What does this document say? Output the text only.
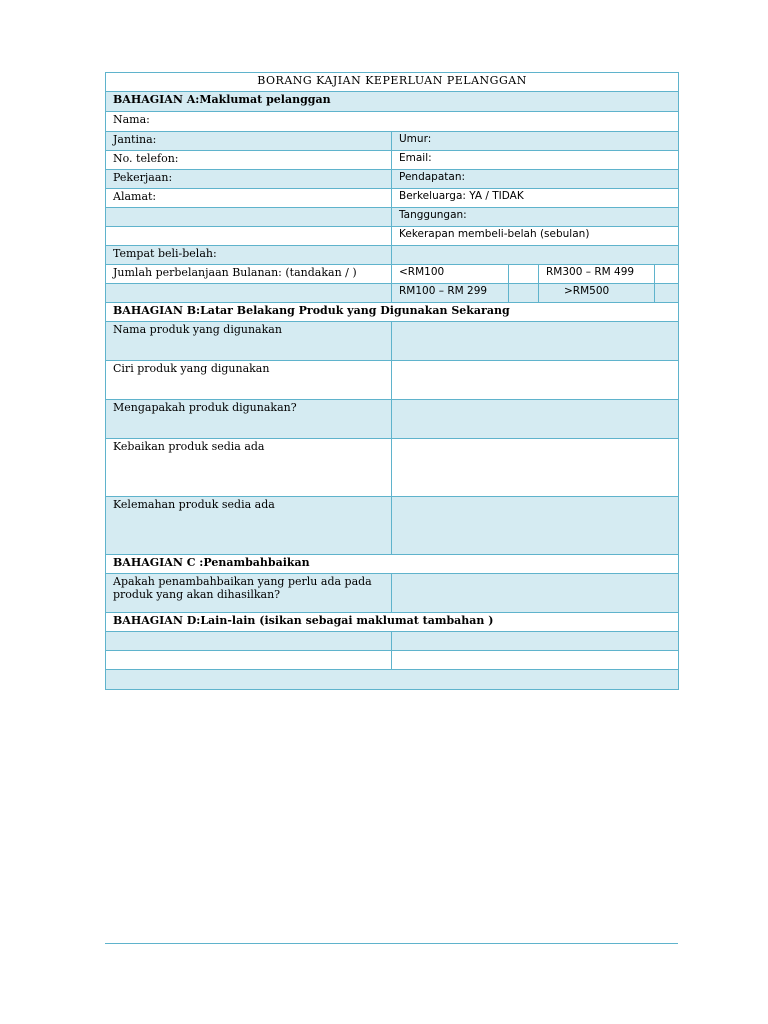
BORANG KAJIAN KEPERLUAN PELANGGAN				
BAHAGIAN A:Maklumat pelanggan				
Nama:				
Jantina:	Umur:			
No. telefon:	Email:			
Pekerjaan:	Pendapatan:			
Alamat:	Berkeluarga: YA / TIDAK			
	Tanggungan:			
	Kekerapan membeli-belah (sebulan)			
Tempat beli-belah:				
Jumlah perbelanjaan Bulanan: (tandakan / )	<RM100		RM300 – RM 499	
	RM100 – RM 299		>RM500	
BAHAGIAN B:Latar Belakang Produk yang Digunakan Sekarang				
Nama produk yang digunakan				
Ciri produk yang digunakan				
Mengapakah produk digunakan?				
Kebaikan produk sedia ada				
Kelemahan produk sedia ada				
BAHAGIAN C :Penambahbaikan				
Apakah penambahbaikan yang perlu ada pada produk yang akan dihasilkan?				
BAHAGIAN D:Lain-lain (isikan sebagai maklumat tambahan )				
